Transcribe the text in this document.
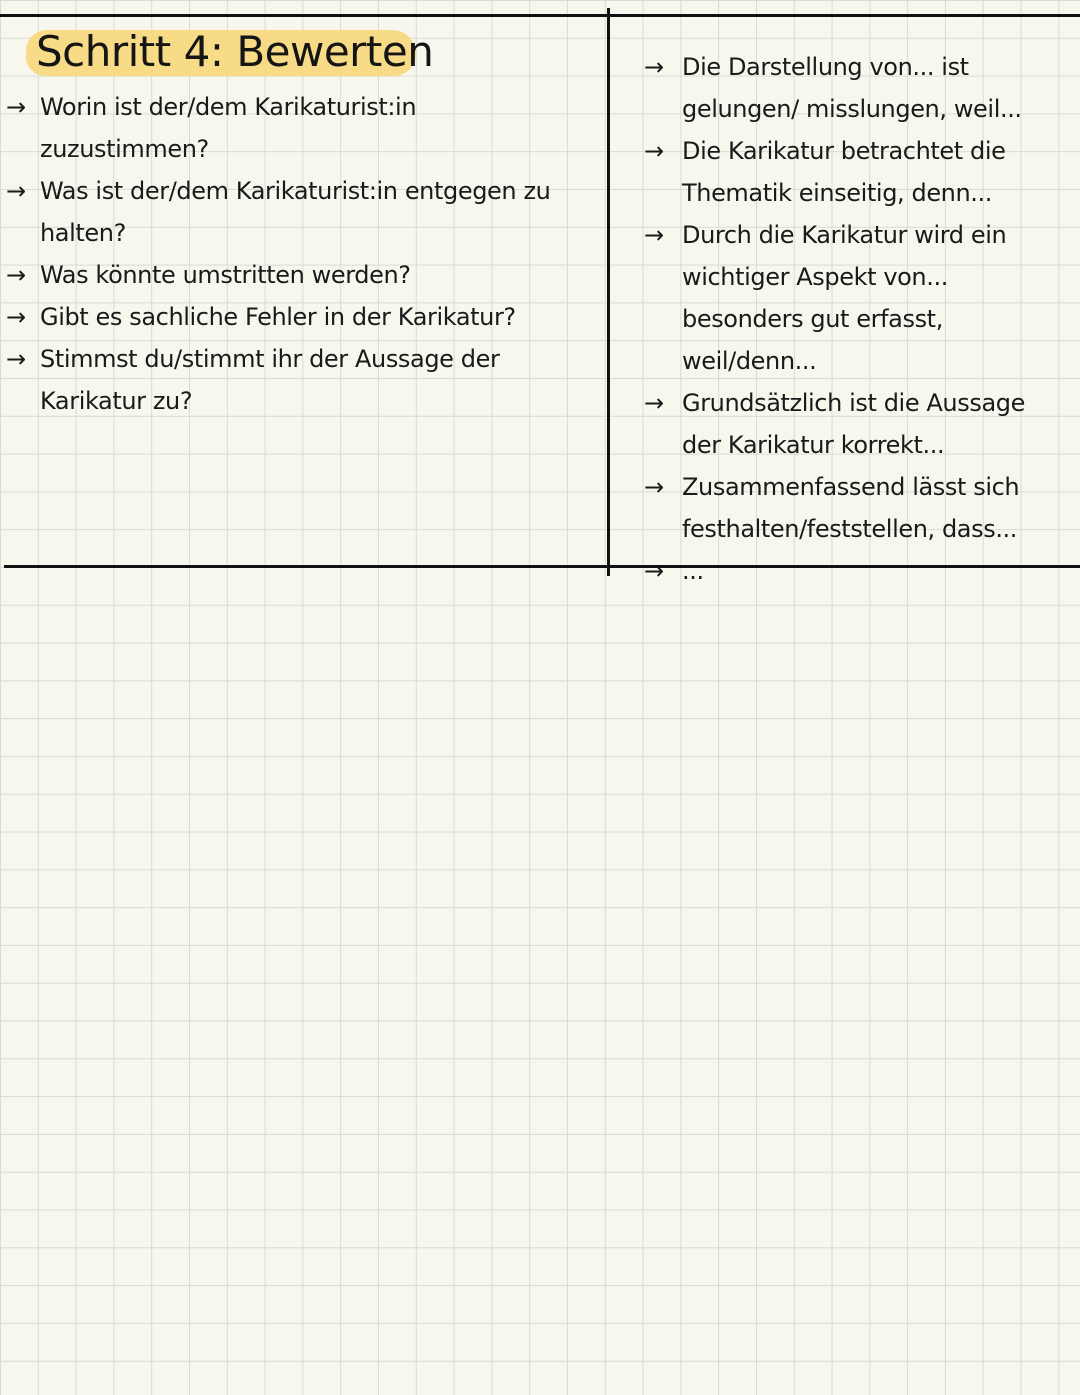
Schritt 4: Bewerten
→ Worin ist der/dem Karikaturist:in zuzustimmen?
→ Was ist der/dem Karikaturist:in entgegen zu halten?
→ Was könnte umstritten werden?
→ Gibt es sachliche Fehler in der Karikatur?
→ Stimmst du/stimmt ihr der Aussage der Karikatur zu?
→ Die Darstellung von... ist gelungen/ misslungen, weil...
→ Die Karikatur betrachtet die Thematik einseitig, denn...
→ Durch die Karikatur wird ein wichtiger Aspekt von... besonders gut erfasst, weil/denn...
→ Grundsätzlich ist die Aussage der Karikatur korrekt...
→ Zusammenfassend lässt sich festhalten/feststellen, dass...
→ ...
